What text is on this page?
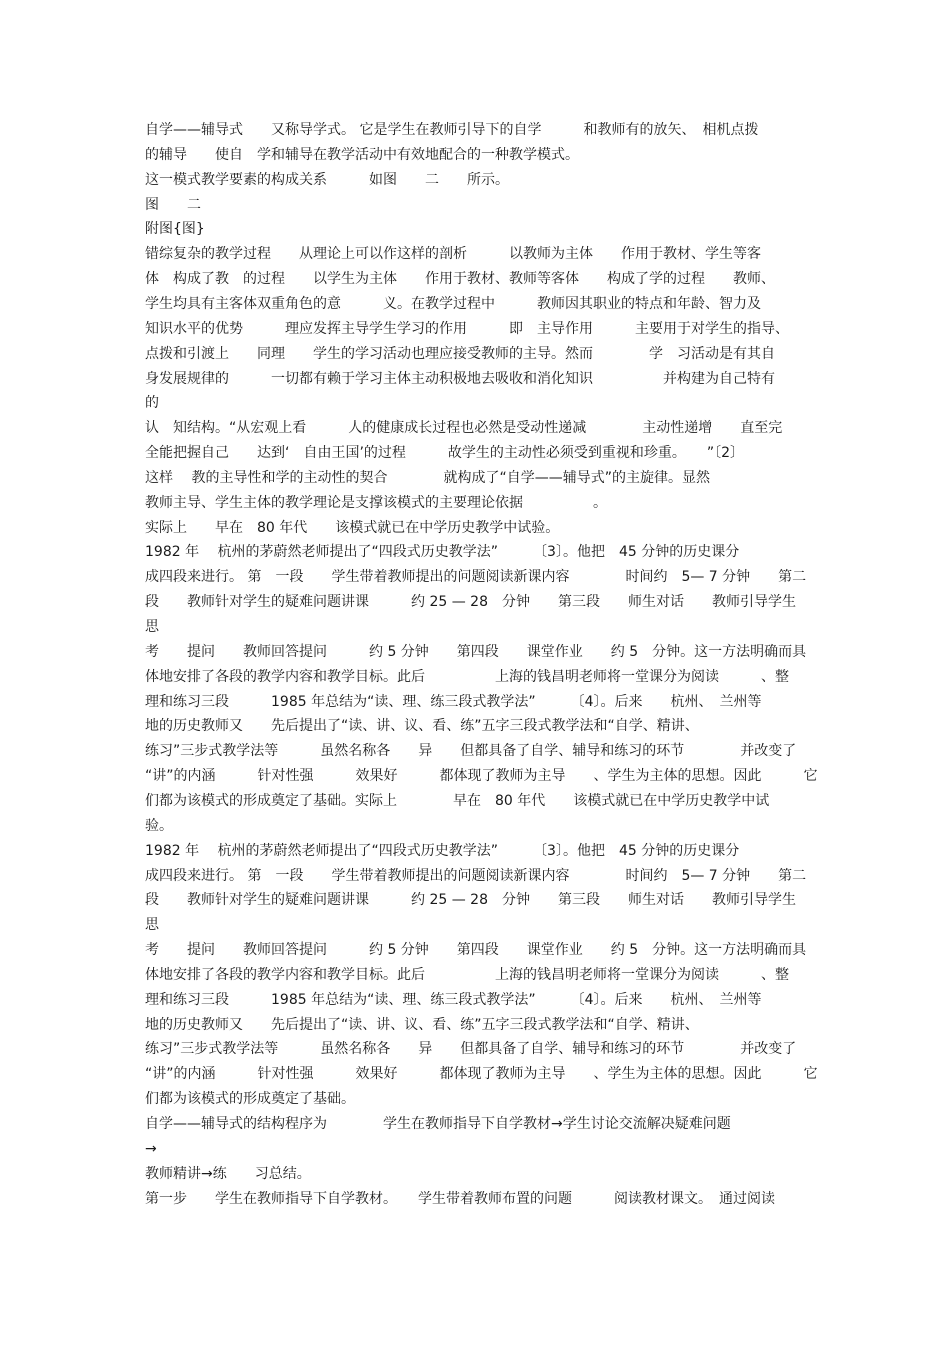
自学——辅导式　　又称导学式。 它是学生在教师引导下的自学　　　和教师有的放矢、　相机点拨
的辅导　　使自　学和辅导在教学活动中有效地配合的一种教学模式。
这一模式教学要素的构成关系　　　如图　　二　　所示。
图　　二
附图{图}
错综复杂的教学过程　　从理论上可以作这样的剖析　　　以教师为主体　　作用于教材、学生等客
体　构成了教　的过程　　以学生为主体　　作用于教材、教师等客体　　构成了学的过程　　教师、
学生均具有主客体双重角色的意　　　义。在教学过程中　　　教师因其职业的特点和年龄、智力及
知识水平的优势　　　理应发挥主导学生学习的作用　　　即　主导作用　　　主要用于对学生的指导、
点拨和引渡上　　同理　　学生的学习活动也理应接受教师的主导。然而　　　　学　习活动是有其自
身发展规律的　　　一切都有赖于学习主体主动积极地去吸收和消化知识　　　　　并构建为自己特有
的
认　知结构。“从宏观上看　　　人的健康成长过程也必然是受动性递减　　　　主动性递增　　直至完
全能把握自己　　达到‘　自由王国’的过程　　　故学生的主动性必须受到重视和珍重。　　”〔2〕
这样　 教的主导性和学的主动性的契合　　　　就构成了“自学——辅导式”的主旋律。显然
教师主导、学生主体的教学理论是支撑该模式的主要理论依据　　　　　。
实际上　　早在　80 年代　　该模式就已在中学历史教学中试验。
1982 年　 杭州的茅蔚然老师提出了“四段式历史教学法”　　　〔3〕。他把　45 分钟的历史课分
成四段来进行。 第　一段　　学生带着教师提出的问题阅读新课内容　　　　时间约　5— 7 分钟　　第二
段　　教师针对学生的疑难问题讲课　　　约 25 — 28　分钟　　第三段　　师生对话　　教师引导学生
思
考　　提问　　教师回答提问　　　约 5 分钟　　第四段　　课堂作业　　约 5　分钟。这一方法明确而具
体地安排了各段的教学内容和教学目标。此后　　　　　上海的钱昌明老师将一堂课分为阅读　　　、整
理和练习三段　　　1985 年总结为“读、理、练三段式教学法”　　　〔4〕。后来　　杭州、　兰州等
地的历史教师又　　先后提出了“读、讲、议、看、练”五字三段式教学法和“自学、精讲、
练习”三步式教学法等　　　虽然名称各　　异　　但都具备了自学、辅导和练习的环节　　　　并改变了
“讲”的内涵　　　针对性强　　　效果好　　　都体现了教师为主导　　、学生为主体的思想。因此　　　它
们都为该模式的形成奠定了基础。实际上　　　　早在　80 年代　　该模式就已在中学历史教学中试
验。
1982 年　 杭州的茅蔚然老师提出了“四段式历史教学法”　　　〔3〕。他把　45 分钟的历史课分
成四段来进行。 第　一段　　学生带着教师提出的问题阅读新课内容　　　　时间约　5— 7 分钟　　第二
段　　教师针对学生的疑难问题讲课　　　约 25 — 28　分钟　　第三段　　师生对话　　教师引导学生
思
考　　提问　　教师回答提问　　　约 5 分钟　　第四段　　课堂作业　　约 5　分钟。这一方法明确而具
体地安排了各段的教学内容和教学目标。此后　　　　　上海的钱昌明老师将一堂课分为阅读　　　、整
理和练习三段　　　1985 年总结为“读、理、练三段式教学法”　　　〔4〕。后来　　杭州、　兰州等
地的历史教师又　　先后提出了“读、讲、议、看、练”五字三段式教学法和“自学、精讲、
练习”三步式教学法等　　　虽然名称各　　异　　但都具备了自学、辅导和练习的环节　　　　并改变了
“讲”的内涵　　　针对性强　　　效果好　　　都体现了教师为主导　　、学生为主体的思想。因此　　　它
们都为该模式的形成奠定了基础。
自学——辅导式的结构程序为　　　　学生在教师指导下自学教材→学生讨论交流解决疑难问题
→
教师精讲→练　　习总结。
第一步　　学生在教师指导下自学教材。　　学生带着教师布置的问题　　　阅读教材课文。　通过阅读
